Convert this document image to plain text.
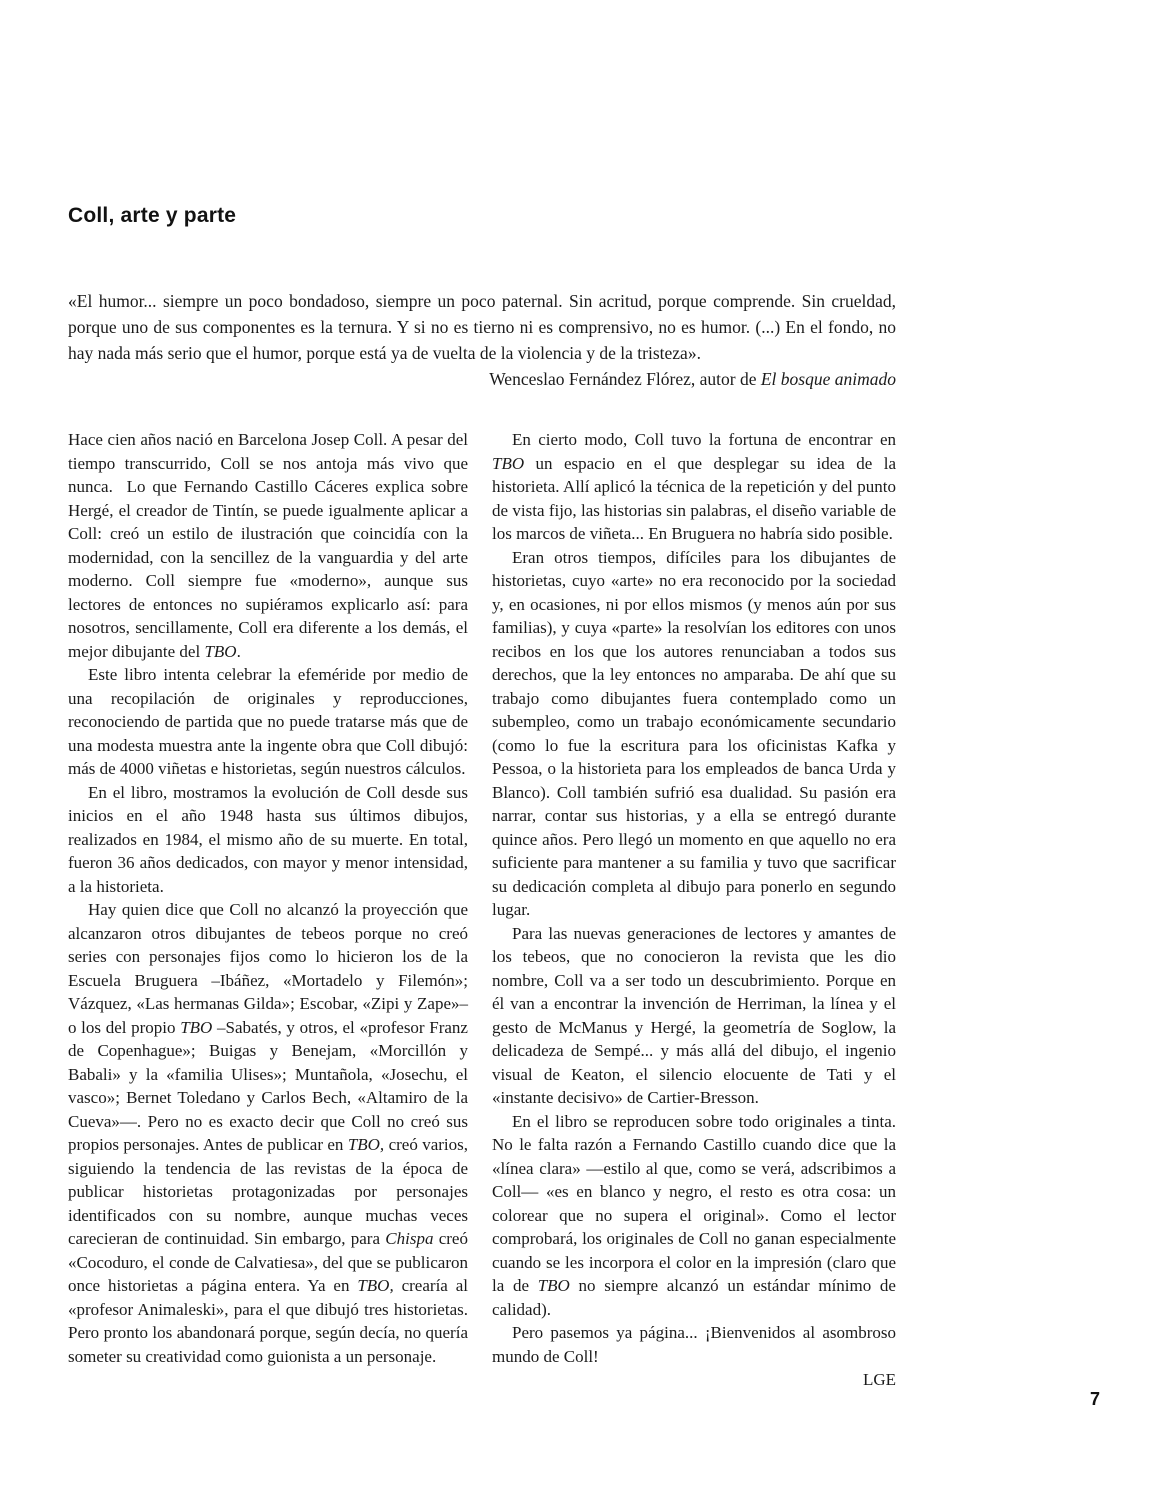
Coll, arte y parte

«El humor... siempre un poco bondadoso, siempre un poco paternal. Sin acritud, porque comprende. Sin crueldad, porque uno de sus componentes es la ternura. Y si no es tierno ni es comprensivo, no es humor. (...) En el fondo, no hay nada más serio que el humor, porque está ya de vuelta de la violencia y de la tristeza».

Wenceslao Fernández Flórez, autor de El bosque animado

Hace cien años nació en Barcelona Josep Coll. A pesar del tiempo transcurrido, Coll se nos antoja más vivo que nunca.  Lo que Fernando Castillo Cáceres explica sobre Hergé, el creador de Tintín, se puede igualmente aplicar a Coll: creó un estilo de ilustración que coincidía con la modernidad, con la sencillez de la vanguardia y del arte moderno. Coll siempre fue «moderno», aunque sus lectores de entonces no supiéramos explicarlo así: para nosotros, sencillamente, Coll era diferente a los demás, el mejor dibujante del TBO.

Este libro intenta celebrar la efeméride por medio de una recopilación de originales y reproducciones, reconociendo de partida que no puede tratarse más que de una modesta muestra ante la ingente obra que Coll dibujó: más de 4000 viñetas e historietas, según nuestros cálculos.

En el libro, mostramos la evolución de Coll desde sus inicios en el año 1948 hasta sus últimos dibujos, realizados en 1984, el mismo año de su muerte. En total, fueron 36 años dedicados, con mayor y menor intensidad, a la historieta.

Hay quien dice que Coll no alcanzó la proyección que alcanzaron otros dibujantes de tebeos porque no creó series con personajes fijos como lo hicieron los de la Escuela Bruguera –Ibáñez, «Mortadelo y Filemón»; Vázquez, «Las hermanas Gilda»; Escobar, «Zipi y Zape»– o los del propio TBO –Sabatés, y otros, el «profesor Franz de Copenhague»; Buigas y Benejam, «Morcillón y Babali» y la «familia Ulises»; Muntañola, «Josechu, el vasco»; Bernet Toledano y Carlos Bech, «Altamiro de la Cueva»—. Pero no es exacto decir que Coll no creó sus propios personajes. Antes de publicar en TBO, creó varios, siguiendo la tendencia de las revistas de la época de publicar historietas protagonizadas por personajes identificados con su nombre, aunque muchas veces carecieran de continuidad. Sin embargo, para Chispa creó «Cocoduro, el conde de Calvatiesa», del que se publicaron once historietas a página entera. Ya en TBO, crearía al «profesor Animaleski», para el que dibujó tres historietas. Pero pronto los abandonará porque, según decía, no quería someter su creatividad como guionista a un personaje.

En cierto modo, Coll tuvo la fortuna de encontrar en TBO un espacio en el que desplegar su idea de la historieta. Allí aplicó la técnica de la repetición y del punto de vista fijo, las historias sin palabras, el diseño variable de los marcos de viñeta... En Bruguera no habría sido posible.

Eran otros tiempos, difíciles para los dibujantes de historietas, cuyo «arte» no era reconocido por la sociedad y, en ocasiones, ni por ellos mismos (y menos aún por sus familias), y cuya «parte» la resolvían los editores con unos recibos en los que los autores renunciaban a todos sus derechos, que la ley entonces no amparaba. De ahí que su trabajo como dibujantes fuera contemplado como un subempleo, como un trabajo económicamente secundario (como lo fue la escritura para los oficinistas Kafka y Pessoa, o la historieta para los empleados de banca Urda y Blanco). Coll también sufrió esa dualidad. Su pasión era narrar, contar sus historias, y a ella se entregó durante quince años. Pero llegó un momento en que aquello no era suficiente para mantener a su familia y tuvo que sacrificar su dedicación completa al dibujo para ponerlo en segundo lugar.

Para las nuevas generaciones de lectores y amantes de los tebeos, que no conocieron la revista que les dio nombre, Coll va a ser todo un descubrimiento. Porque en él van a encontrar la invención de Herriman, la línea y el gesto de McManus y Hergé, la geometría de Soglow, la delicadeza de Sempé... y más allá del dibujo, el ingenio visual de Keaton, el silencio elocuente de Tati y el «instante decisivo» de Cartier-Bresson.

En el libro se reproducen sobre todo originales a tinta. No le falta razón a Fernando Castillo cuando dice que la «línea clara» —estilo al que, como se verá, adscribimos a Coll— «es en blanco y negro, el resto es otra cosa: un colorear que no supera el original». Como el lector comprobará, los originales de Coll no ganan especialmente cuando se les incorpora el color en la impresión (claro que la de TBO no siempre alcanzó un estándar mínimo de calidad).

Pero pasemos ya página... ¡Bienvenidos al asombroso mundo de Coll!

LGE

7
